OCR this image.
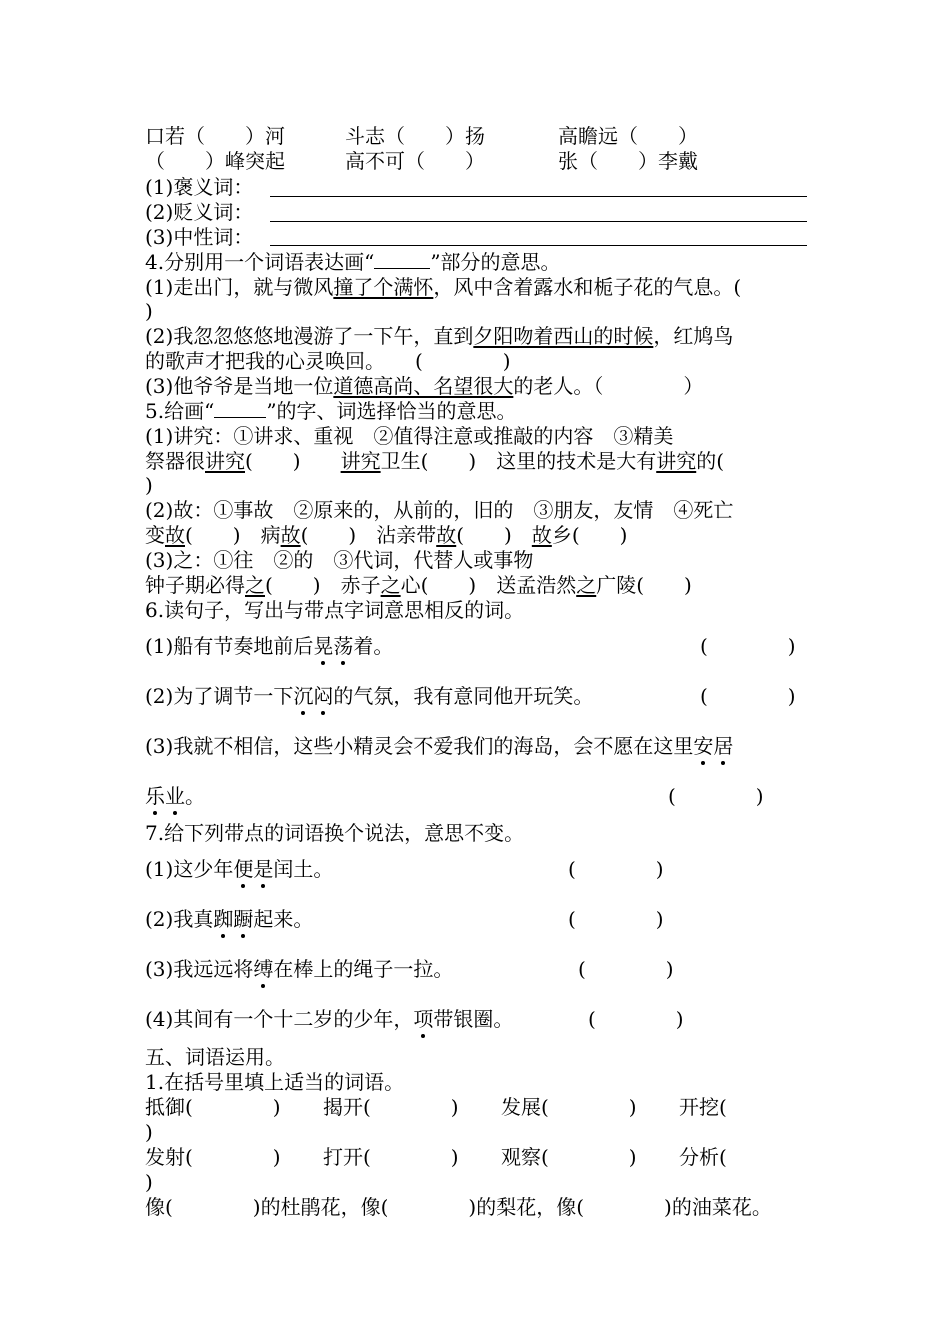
口若（　　）河	斗志（　　）扬	高瞻远（　　）
（　　）峰突起	高不可（　　）	张（　　）李戴
(1)褒义词：
(2)贬义词：
(3)中性词：
4.分别用一个词语表达画“	”部分的意思。
(1)走出门，就与微风撞了个满怀，风中含着露水和栀子花的气息。(
)
(2)我忽忽悠悠地漫游了一下午，直到夕阳吻着西山的时候，红鸠鸟
的歌声才把我的心灵唤回。　　(　　　　)
(3)他爷爷是当地一位道德高尚、名望很大的老人。（　　　　）
5.给画“	”的字、词选择恰当的意思。
(1)讲究：①讲求、重视　②值得注意或推敲的内容　③精美
祭器很讲究(　　)　　讲究卫生(　　)　这里的技术是大有讲究的(
)
(2)故：①事故　②原来的，从前的，旧的　③朋友，友情　④死亡
变故(　　)　病故(　　)　沾亲带故(　　)　故乡(　　)
(3)之：①往　②的　③代词，代替人或事物
钟子期必得之(　　)　赤子之心(　　)　送孟浩然之广陵(　　)
6.读句子，写出与带点字词意思相反的词。
(1)船有节奏地前后晃荡着。	(　　　　)
(2)为了调节一下沉闷的气氛，我有意同他开玩笑。	(　　　　)
(3)我就不相信，这些小精灵会不爱我们的海岛，会不愿在这里安居
乐业。	(　　　　)
7.给下列带点的词语换个说法，意思不变。
(1)这少年便是闰土。	(　　　　)
(2)我真踟蹰起来。	(　　　　)
(3)我远远将缚在棒上的绳子一拉。	(　　　　)
(4)其间有一个十二岁的少年，项带银圈。	(　　　　)
五、词语运用。
1.在括号里填上适当的词语。
抵御(　　　　) 揭开(　　　　) 发展(　　　　) 开挖(
)
发射(　　　　) 打开(　　　　) 观察(　　　　) 分析(
)
像(　　　　)的杜鹃花，像(　　　　)的梨花，像(　　　　)的油菜花。
